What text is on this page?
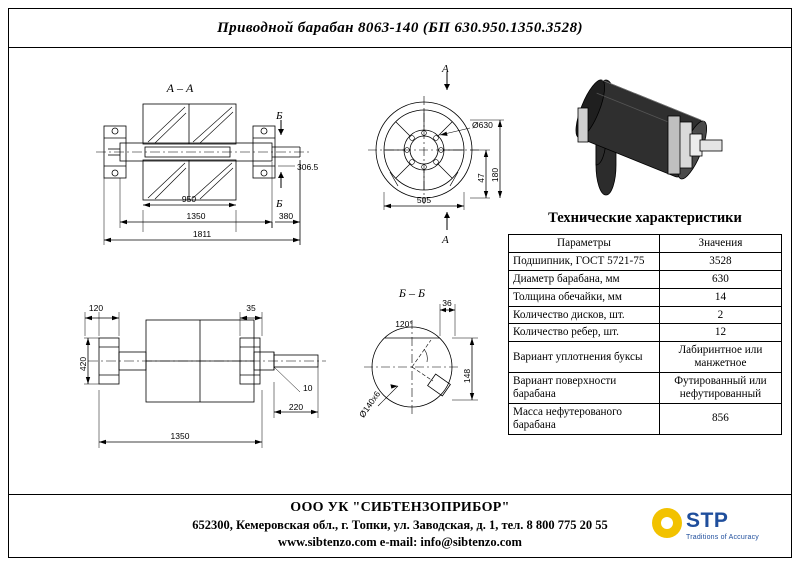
Приводной барабан 8063-140 (БП 630.950.1350.3528)
А – А
Б
Б
А
А
Б – Б
950
1350
1811
380
306.5
Ø630
505
47 180
120	35
420
10
220
1350
36
120°
148
Ø140x6
Технические характеристики
Параметры	Значения
Подшипник, ГОСТ 5721-75	3528
Диаметр барабана, мм	630
Толщина обечайки, мм	14
Количество дисков, шт.	2
Количество ребер, шт.	12
Вариант уплотнения буксы	Лабиринтное или манжетное
Вариант поверхности барабана	Футированный или нефутированный
Масса нефутерованого барабана	856
ООО УК "СИБТЕНЗОПРИБОР"
652300, Кемеровская обл., г. Топки, ул. Заводская, д. 1, тел. 8 800 775 20 55
www.sibtenzo.com e-mail: info@sibtenzo.com
STP
Traditions of Accuracy
